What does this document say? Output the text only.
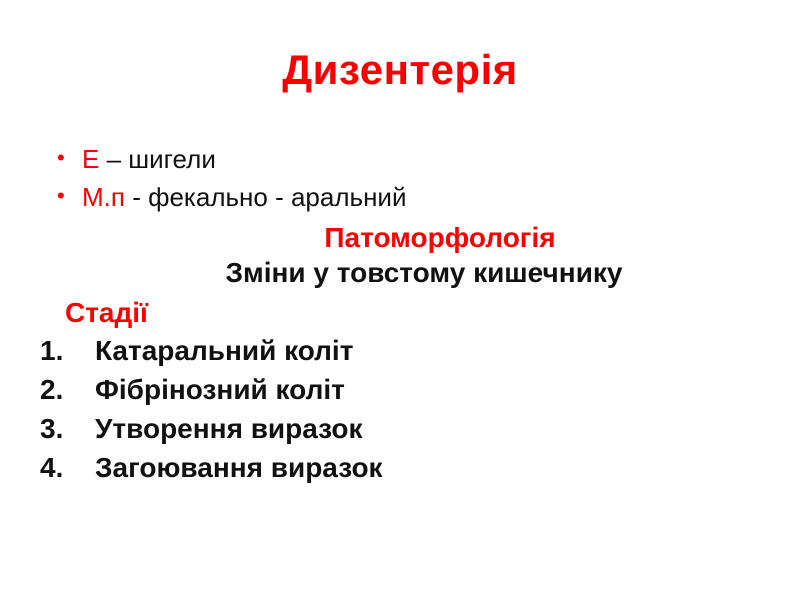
Дизентерія
• Е – шигели
• М.п - фекально - аральний
Патоморфологія
Зміни у товстому кишечнику
Стадії
1. Катаральний коліт
2. Фібрінозний коліт
3. Утворення виразок
4. Загоювання виразок
